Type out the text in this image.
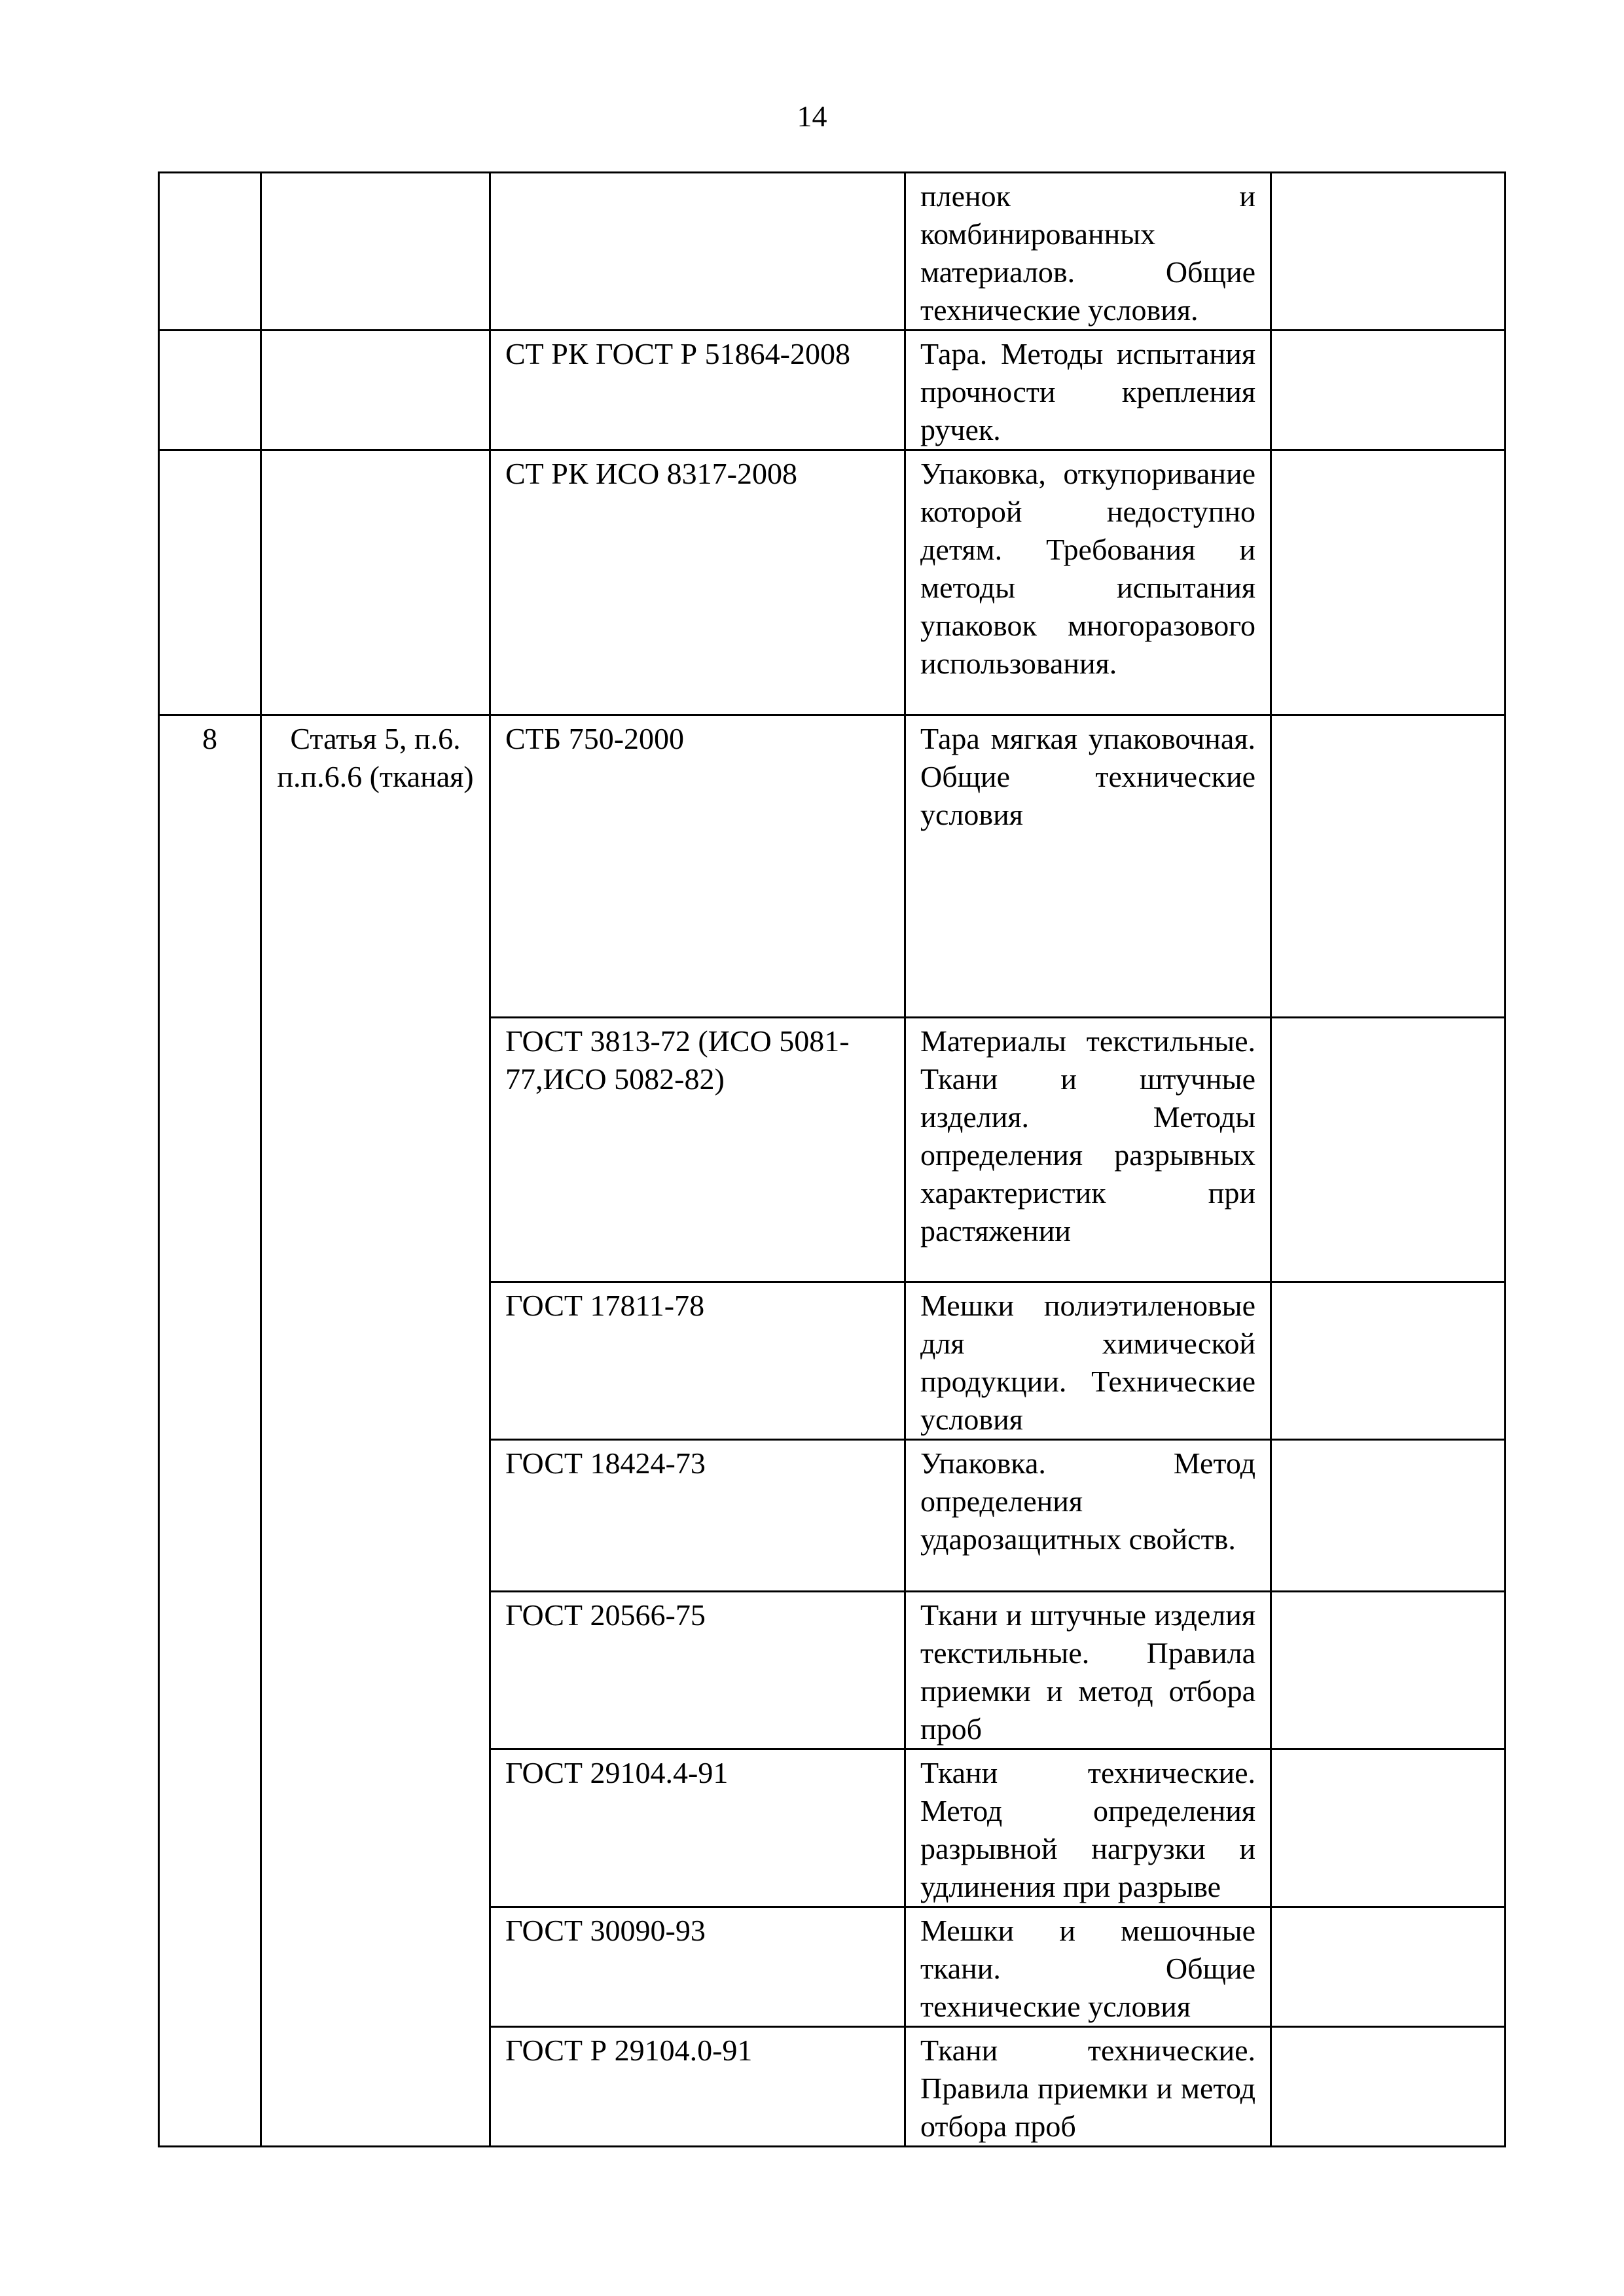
14
			пленок и комбинированных материалов. Общие технические условия.	
		СТ РК ГОСТ Р 51864-2008	Тара. Методы испытания прочности крепления ручек.	
		СТ РК ИСО 8317-2008	Упаковка, откупоривание которой недоступно детям. Требования и методы испытания упаковок многоразового использования.	
8	Статья 5, п.6. п.п.6.6 (тканая)	СТБ 750-2000	Тара мягкая упаковочная. Общие технические условия	
		ГОСТ 3813-72 (ИСО 5081-77,ИСО 5082-82)	Материалы текстильные. Ткани и штучные изделия. Методы определения разрывных характеристик при растяжении	
		ГОСТ 17811-78	Мешки полиэтиленовые для химической продукции. Технические условия	
		ГОСТ 18424-73	Упаковка. Метод определения ударозащитных свойств.	
		ГОСТ 20566-75	Ткани и штучные изделия текстильные. Правила приемки и метод отбора проб	
		ГОСТ 29104.4-91	Ткани технические. Метод определения разрывной нагрузки и удлинения при разрыве	
		ГОСТ 30090-93	Мешки и мешочные ткани. Общие технические условия	
		ГОСТ Р 29104.0-91	Ткани технические. Правила приемки и метод отбора проб	
